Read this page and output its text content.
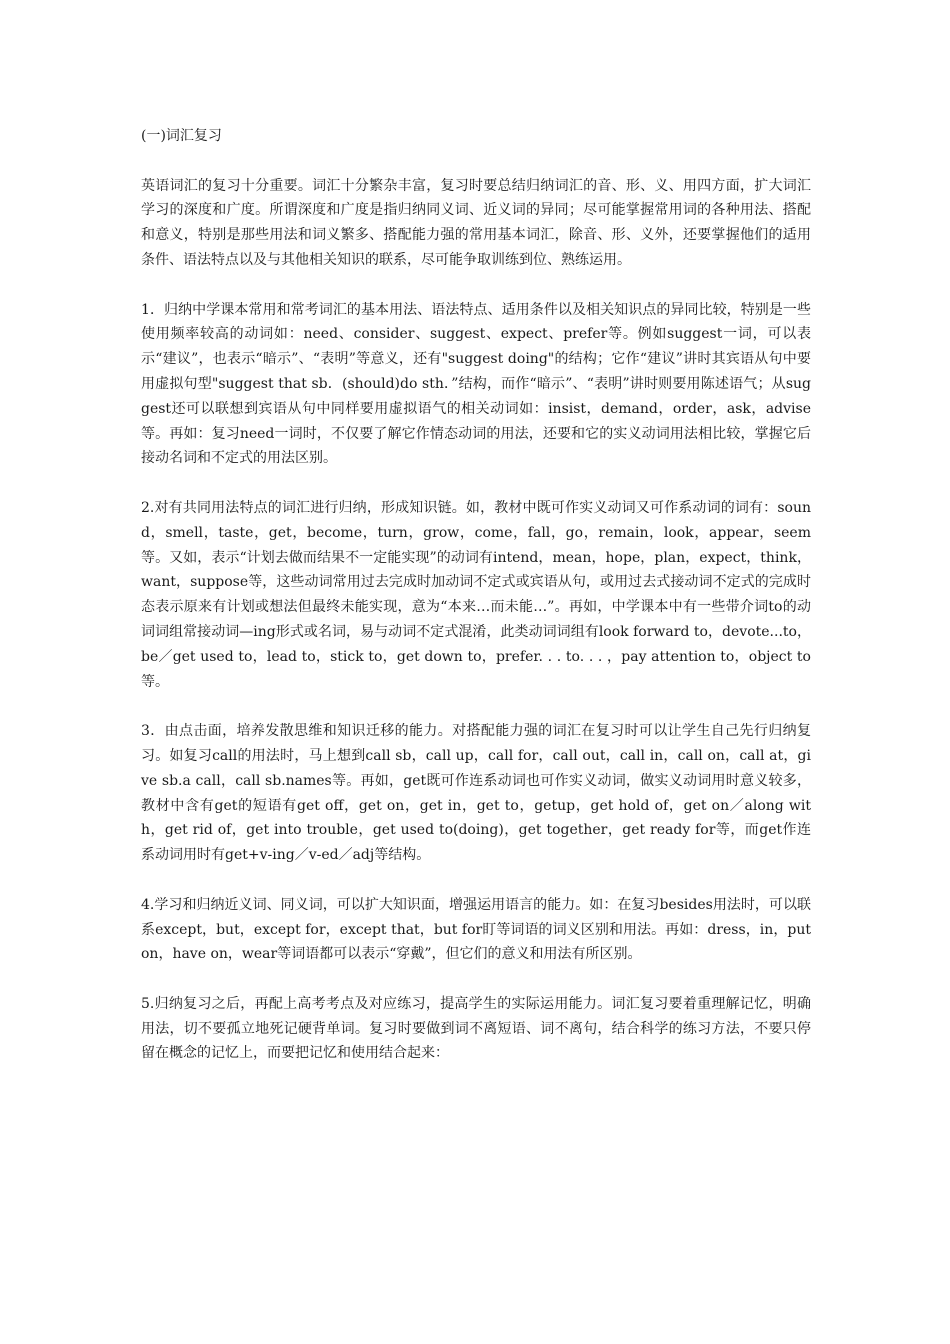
(一)词汇复习

英语词汇的复习十分重要。词汇十分繁杂丰富，复习时要总结归纳词汇的音、形、义、用四方面，扩大词汇学习的深度和广度。所谓深度和广度是指归纳同义词、近义词的异同；尽可能掌握常用词的各种用法、搭配和意义，特别是那些用法和词义繁多、搭配能力强的常用基本词汇，除音、形、义外，还要掌握他们的适用条件、语法特点以及与其他相关知识的联系，尽可能争取训练到位、熟练运用。

1．归纳中学课本常用和常考词汇的基本用法、语法特点、适用条件以及相关知识点的异同比较，特别是一些使用频率较高的动词如：need、consider、suggest、expect、prefer等。例如suggest一词，可以表示“建议”，也表示“暗示”、“表明”等意义，还有"suggest doing"的结构；它作“建议”讲时其宾语从句中要用虚拟句型"suggest that sb．(should)do sth．”结构，而作“暗示”、“表明”讲时则要用陈述语气；从suggest还可以联想到宾语从句中同样要用虚拟语气的相关动词如：insist，demand，order，ask，advise等。再如：复习need一词时，不仅要了解它作情态动词的用法，还要和它的实义动词用法相比较，掌握它后接动名词和不定式的用法区别。

2.对有共同用法特点的词汇进行归纳，形成知识链。如，教材中既可作实义动词又可作系动词的词有：sound，smell，taste，get，become，turn，grow，come，fall，go，remain，look，appear，seem等。又如，表示“计划去做而结果不一定能实现”的动词有intend，mean，hope，plan，expect，think，want，suppose等，这些动词常用过去完成时加动词不定式或宾语从句，或用过去式接动词不定式的完成时态表示原来有计划或想法但最终未能实现，意为“本来…而未能…”。再如，中学课本中有一些带介词to的动词词组常接动词—ing形式或名词，易与动词不定式混淆，此类动词词组有look forward to，devote...to，be／get used to，lead to，stick to，get down to，prefer. . . to. . . ，pay attention to，object to等。

3．由点击面，培养发散思维和知识迁移的能力。对搭配能力强的词汇在复习时可以让学生自己先行归纳复习。如复习call的用法时，马上想到call sb，call up，call for，call out，call in，call on，call at，give sb.a call，call sb.names等。再如，get既可作连系动词也可作实义动词，做实义动词用时意义较多，教材中含有get的短语有get off，get on，get in，get to，getup，get hold of，get on／along with，get rid of，get into trouble，get used to(doing)，get together，get ready for等，而get作连系动词用时有get+v-ing／v-ed／adj等结构。

4.学习和归纳近义词、同义词，可以扩大知识面，增强运用语言的能力。如：在复习besides用法时，可以联系except，but，except for，except that，but for盯等词语的词义区别和用法。再如：dress，in，put on，have on，wear等词语都可以表示“穿戴”，但它们的意义和用法有所区别。

5.归纳复习之后，再配上高考考点及对应练习，提高学生的实际运用能力。词汇复习要着重理解记忆，明确用法，切不要孤立地死记硬背单词。复习时要做到词不离短语、词不离句，结合科学的练习方法，不要只停留在概念的记忆上，而要把记忆和使用结合起来：
